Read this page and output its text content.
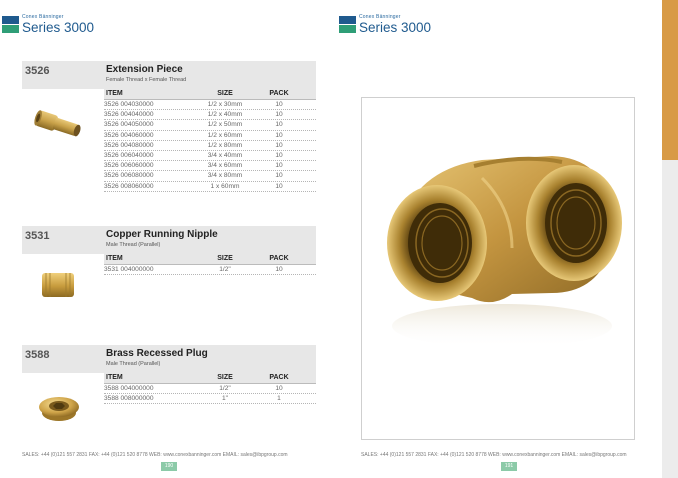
Conex Bänninger
Series 3000
Conex Bänninger
Series 3000
3526	Extension Piece
Female Thread x Female Thread
ITEM	SIZE	PACK
3526 004030000	1/2 x 30mm	10
3526 004040000	1/2 x 40mm	10
3526 004050000	1/2 x 50mm	10
3526 004060000	1/2 x 60mm	10
3526 004080000	1/2 x 80mm	10
3526 006040000	3/4 x 40mm	10
3526 006060000	3/4 x 60mm	10
3526 006080000	3/4 x 80mm	10
3526 008060000	1 x 60mm	10
3531	Copper Running Nipple
Male Thread (Parallel)
ITEM	SIZE	PACK
3531 004000000	1/2"	10
3588	Brass Recessed Plug
Male Thread (Parallel)
ITEM	SIZE	PACK
3588 004000000	1/2"	10
3588 008000000	1"	1
SALES: +44 (0)121 557 2831 FAX: +44 (0)121 520 8778 WEB: www.conexbanninger.com EMAIL: sales@ibpgroup.com
190
SALES: +44 (0)121 557 2831 FAX: +44 (0)121 520 8778 WEB: www.conexbanninger.com EMAIL: sales@ibpgroup.com
191
